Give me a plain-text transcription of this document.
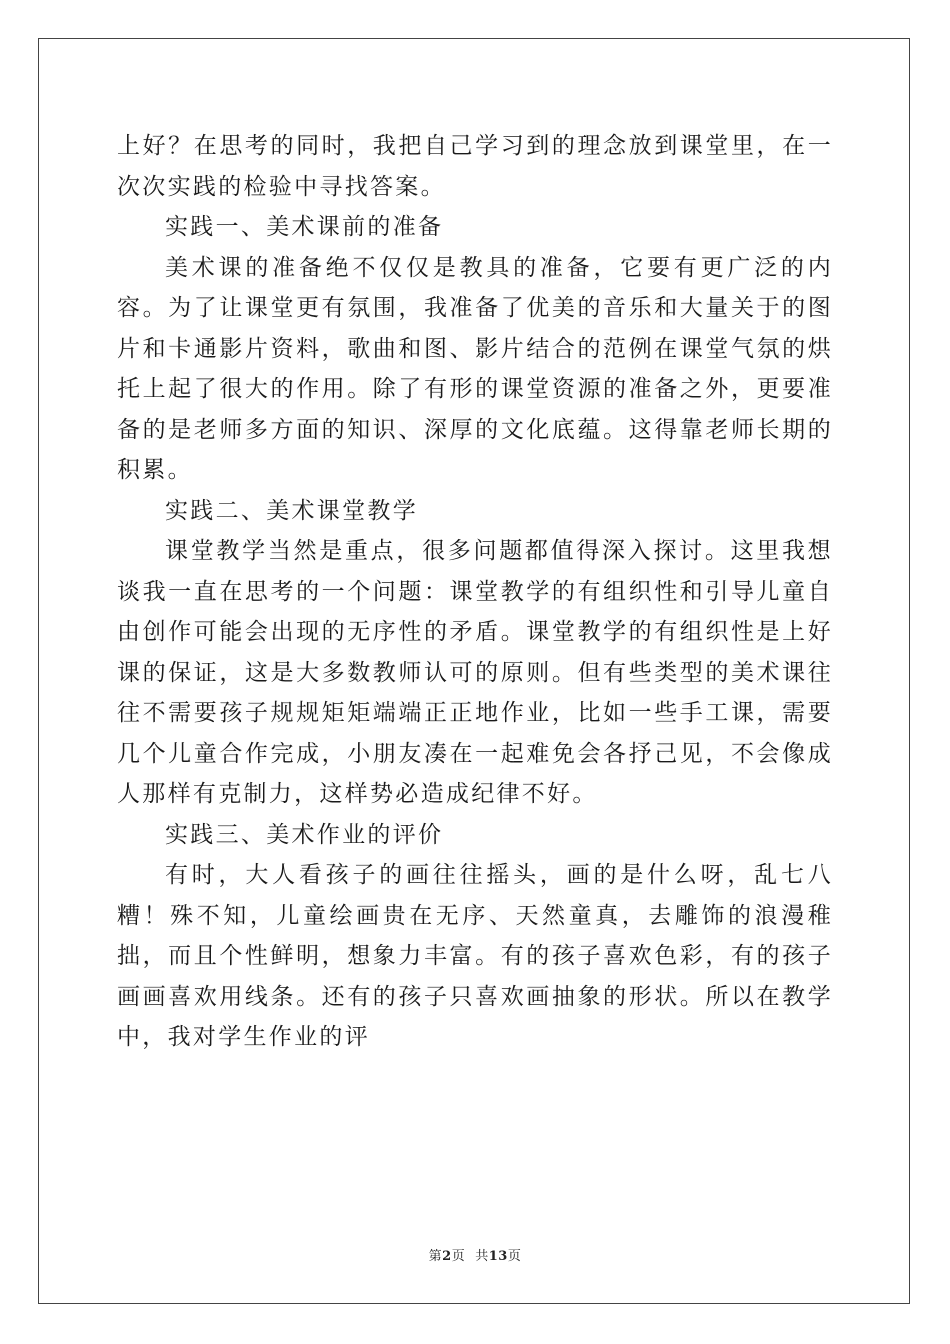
上好？在思考的同时，我把自己学习到的理念放到课堂里，在一次次实践的检验中寻找答案。

实践一、美术课前的准备

美术课的准备绝不仅仅是教具的准备，它要有更广泛的内容。为了让课堂更有氛围，我准备了优美的音乐和大量关于的图片和卡通影片资料，歌曲和图、影片结合的范例在课堂气氛的烘托上起了很大的作用。除了有形的课堂资源的准备之外，更要准备的是老师多方面的知识、深厚的文化底蕴。这得靠老师长期的积累。

实践二、美术课堂教学

课堂教学当然是重点，很多问题都值得深入探讨。这里我想谈我一直在思考的一个问题：课堂教学的有组织性和引导儿童自由创作可能会出现的无序性的矛盾。课堂教学的有组织性是上好课的保证，这是大多数教师认可的原则。但有些类型的美术课往往不需要孩子规规矩矩端端正正地作业，比如一些手工课，需要几个儿童合作完成，小朋友凑在一起难免会各抒己见，不会像成人那样有克制力，这样势必造成纪律不好。

实践三、美术作业的评价

有时，大人看孩子的画往往摇头，画的是什么呀，乱七八糟！殊不知，儿童绘画贵在无序、天然童真，去雕饰的浪漫稚拙，而且个性鲜明，想象力丰富。有的孩子喜欢色彩，有的孩子画画喜欢用线条。还有的孩子只喜欢画抽象的形状。所以在教学中，我对学生作业的评

第2页 共13页
